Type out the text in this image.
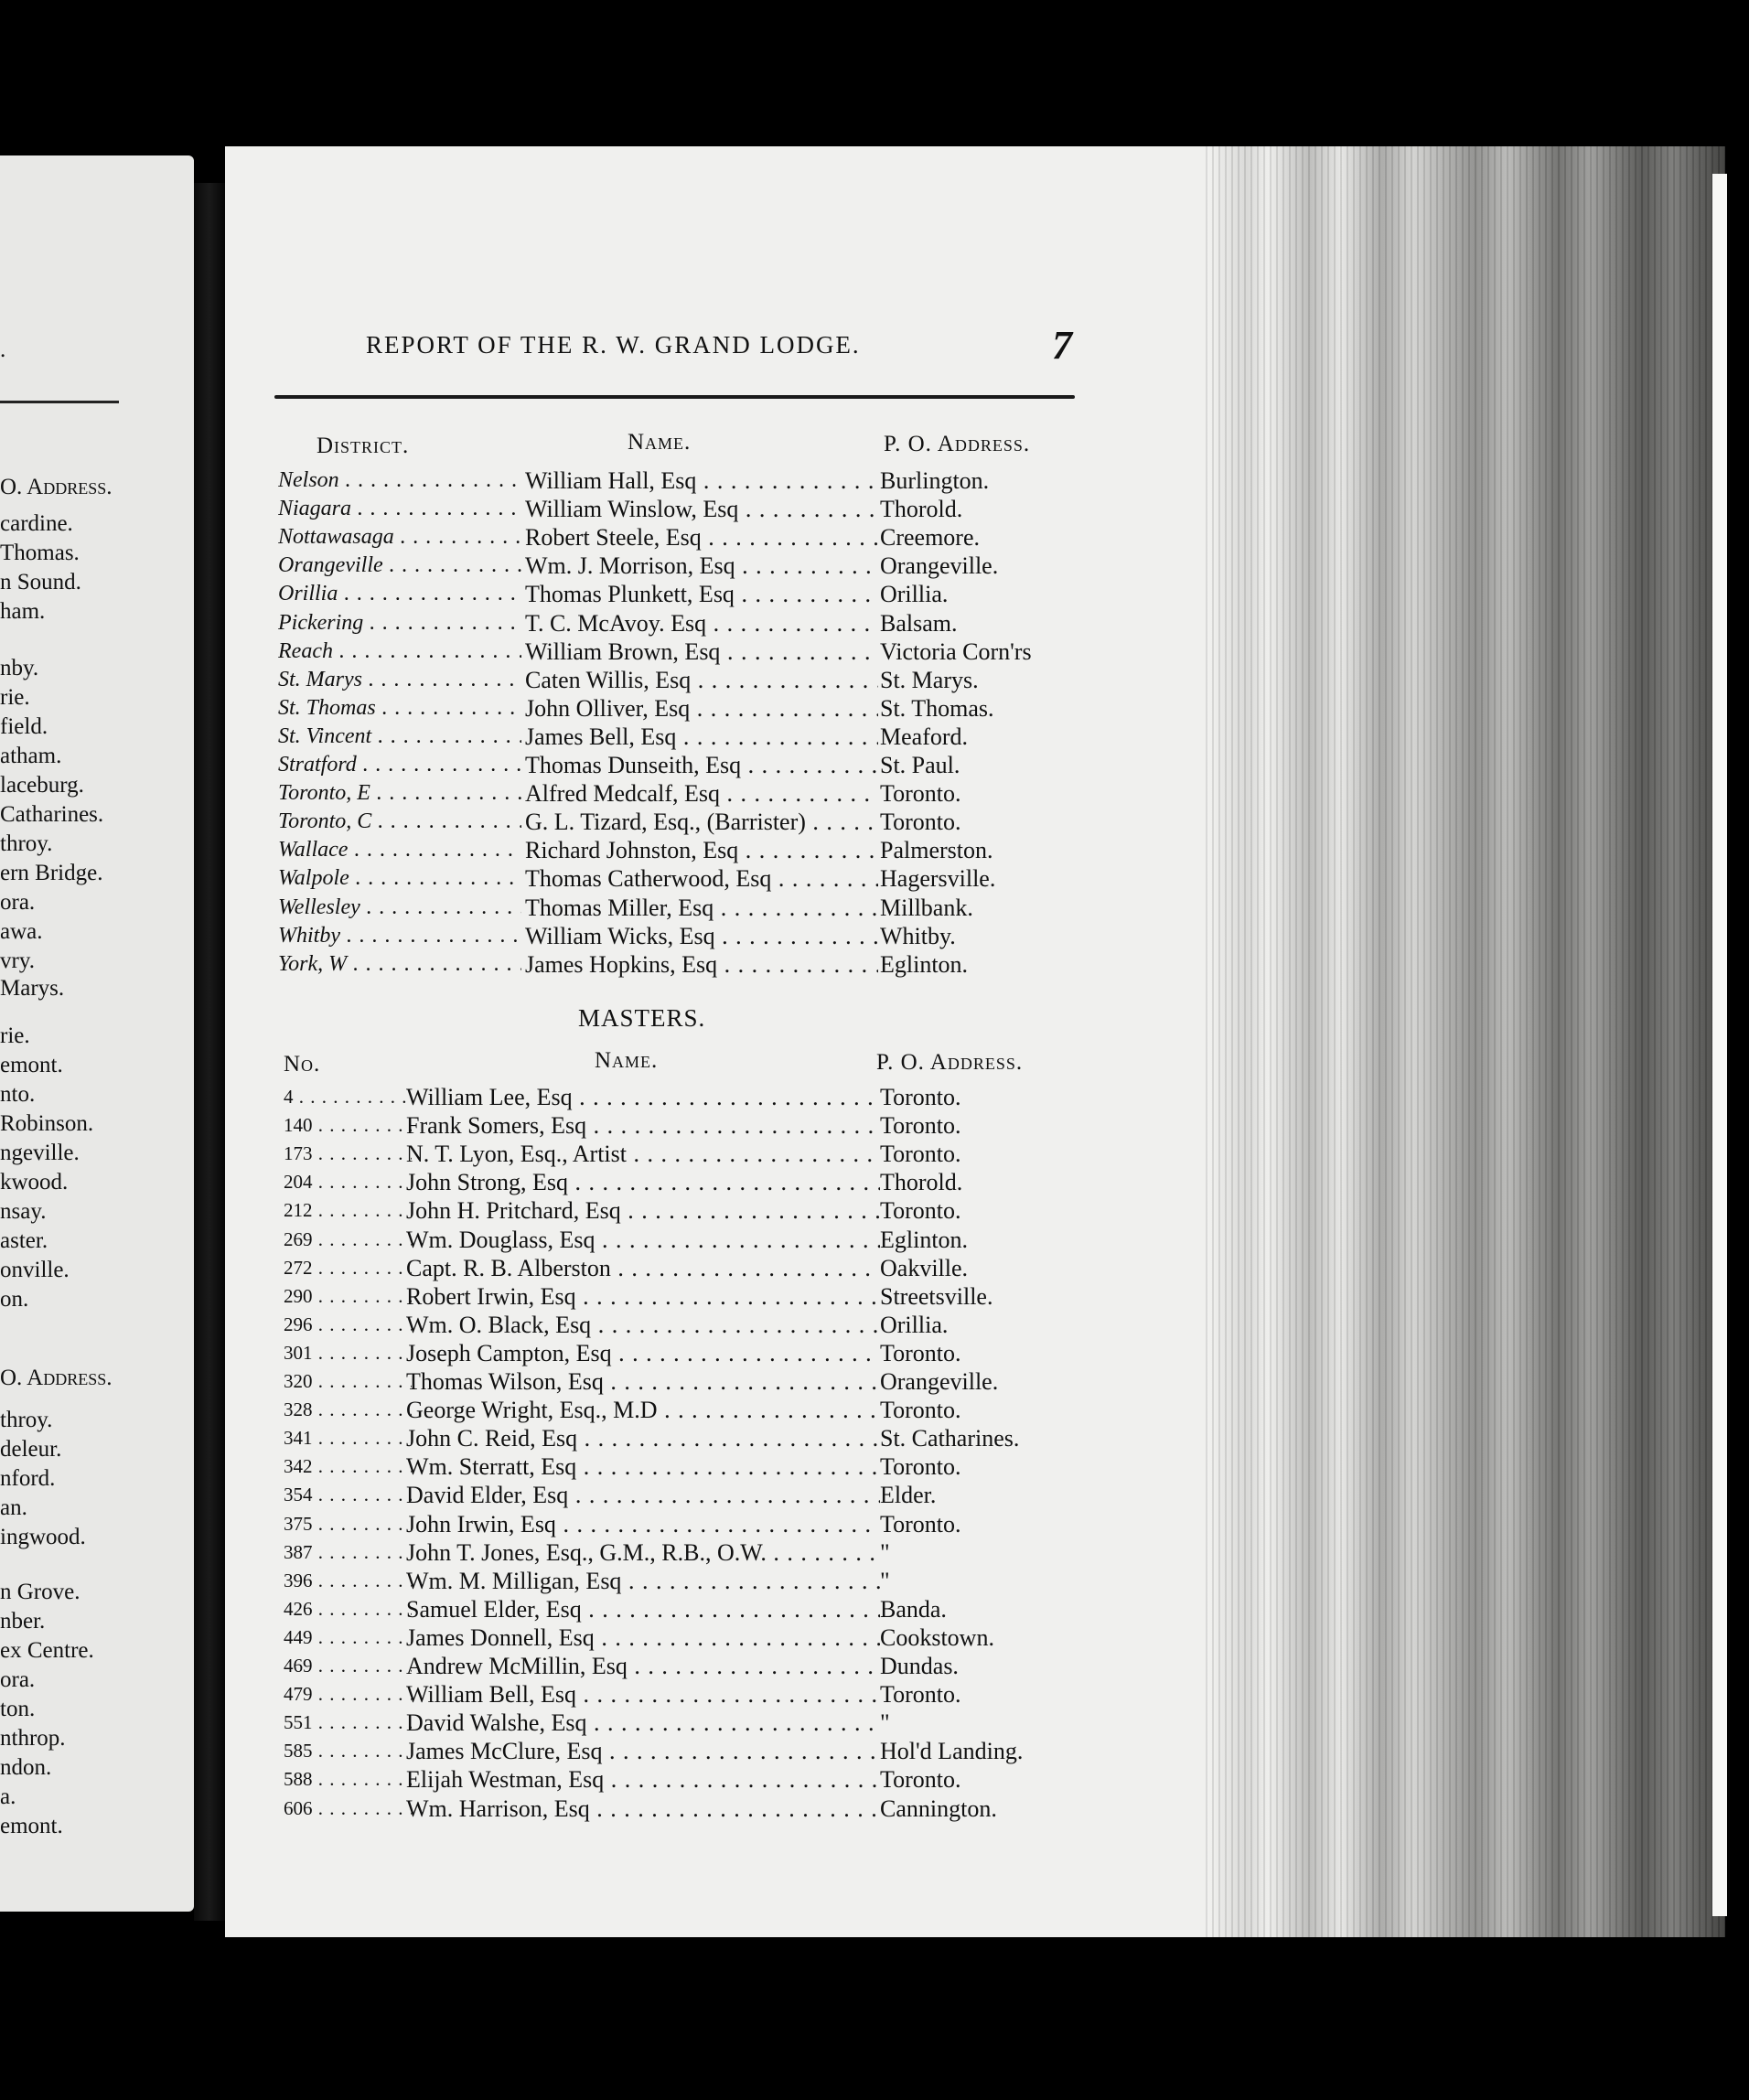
.
O. Address.
cardine.
Thomas.
n Sound.
ham.
nby.
rie.
field.
atham.
laceburg.
Catharines.
throy.
ern Bridge.
ora.
awa.
vry.
Marys.
rie.
emont.
nto.
Robinson.
ngeville.
kwood.
nsay.
aster.
onville.
on.
O. Address.
throy.
deleur.
nford.
an.
ingwood.
n Grove.
nber.
ex Centre.
ora.
ton.
nthrop.
ndon.
a.
emont.
REPORT OF THE R. W. GRAND LODGE.	7
District.	Name.	P. O. Address.
Nelson . . .	William Hall, Esq . . .	Burlington.
Niagara . . .	William Winslow, Esq . . .	Thorold.
Nottawasaga . . .	Robert Steele, Esq . . .	Creemore.
Orangeville . . .	Wm. J. Morrison, Esq . . .	Orangeville.
Orillia . . .	Thomas Plunkett, Esq . . .	Orillia.
Pickering . . .	T. C. McAvoy. Esq . . .	Balsam.
Reach . . .	William Brown, Esq . . .	Victoria Corn'rs
St. Marys . . .	Caten Willis, Esq . . .	St. Marys.
St. Thomas . . .	John Olliver, Esq . . .	St. Thomas.
St. Vincent . . .	James Bell, Esq . . .	Meaford.
Stratford . . .	Thomas Dunseith, Esq . . .	St. Paul.
Toronto, E . . .	Alfred Medcalf, Esq . . .	Toronto.
Toronto, C . . .	G. L. Tizard, Esq., (Barrister) . . .	Toronto.
Wallace . . .	Richard Johnston, Esq . . .	Palmerston.
Walpole . . .	Thomas Catherwood, Esq . . .	Hagersville.
Wellesley . . .	Thomas Miller, Esq . . .	Millbank.
Whitby . . .	William Wicks, Esq . . .	Whitby.
York, W . . .	James Hopkins, Esq . . .	Eglinton.
MASTERS.
No.	Name.	P. O. Address.
4 . . .	William Lee, Esq . . .	Toronto.
140 . . .	Frank Somers, Esq . . .	Toronto.
173 . . .	N. T. Lyon, Esq., Artist . . .	Toronto.
204 . . .	John Strong, Esq . . .	Thorold.
212 . . .	John H. Pritchard, Esq . . .	Toronto.
269 . . .	Wm. Douglass, Esq . . .	Eglinton.
272 . . .	Capt. R. B. Alberston . . .	Oakville.
290 . . .	Robert Irwin, Esq . . .	Streetsville.
296 . . .	Wm. O. Black, Esq . . .	Orillia.
301 . . .	Joseph Campton, Esq . . .	Toronto.
320 . . .	Thomas Wilson, Esq . . .	Orangeville.
328 . . .	George Wright, Esq., M.D . . .	Toronto.
341 . . .	John C. Reid, Esq . . .	St. Catharines.
342 . . .	Wm. Sterratt, Esq . . .	Toronto.
354 . . .	David Elder, Esq . . .	Elder.
375 . . .	John Irwin, Esq . . .	Toronto.
387 . . .	John T. Jones, Esq., G.M., R.B., O.W. . . .	"
396 . . .	Wm. M. Milligan, Esq . . .	"
426 . . .	Samuel Elder, Esq . . .	Banda.
449 . . .	James Donnell, Esq . . .	Cookstown.
469 . . .	Andrew McMillin, Esq . . .	Dundas.
479 . . .	William Bell, Esq . . .	Toronto.
551 . . .	David Walshe, Esq . . .	"
585 . . .	James McClure, Esq . . .	Hol'd Landing.
588 . . .	Elijah Westman, Esq . . .	Toronto.
606 . . .	Wm. Harrison, Esq . . .	Cannington.
